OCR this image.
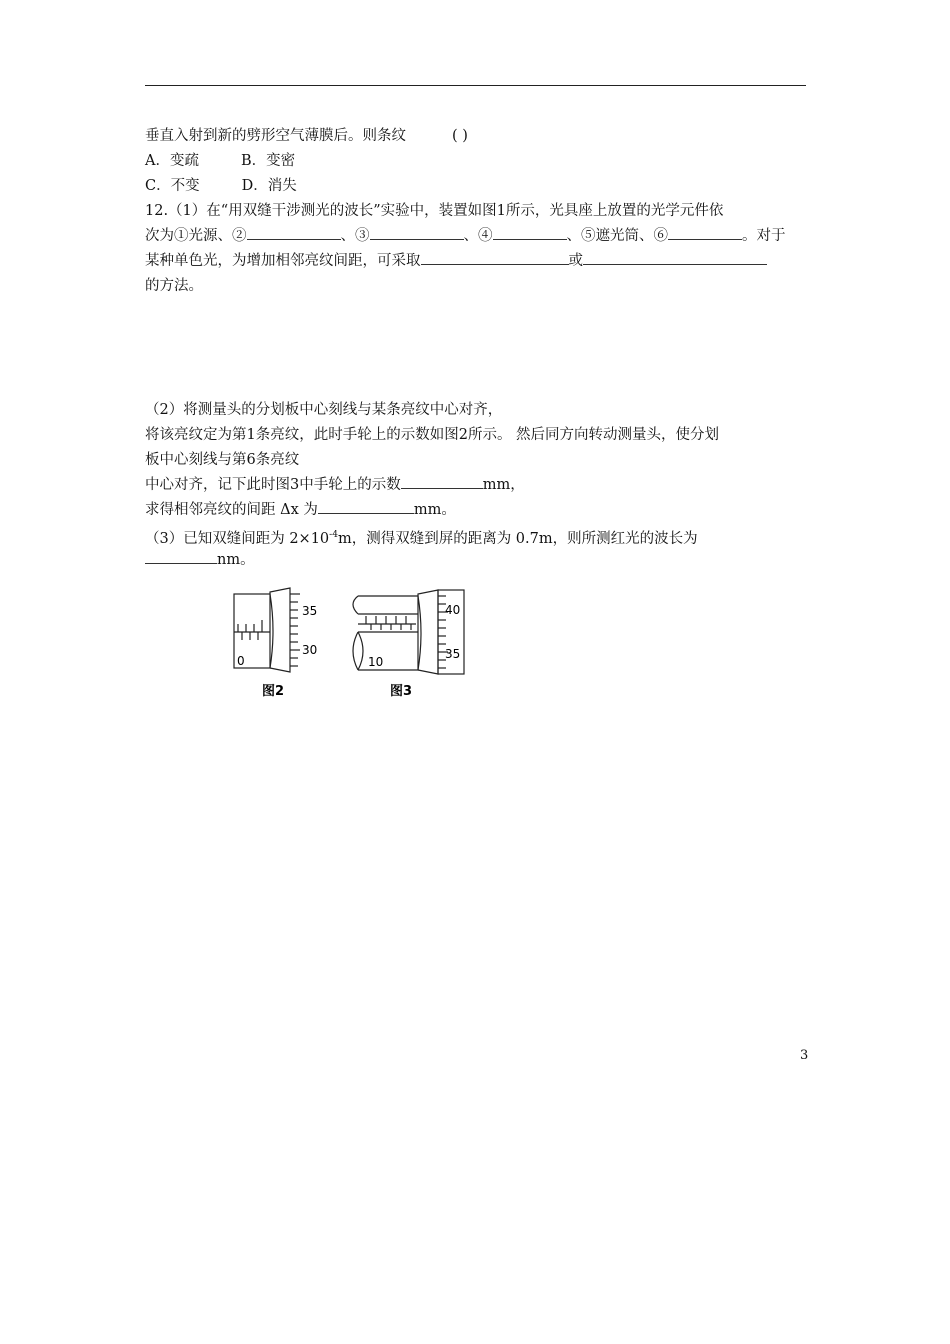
垂直入射到新的劈形空气薄膜后。则条纹	( )
A．变疏	B．变密
C．不变	D．消失
12.（1）在“用双缝干涉测光的波长”实验中，装置如图1所示，光具座上放置的光学元件依
次为①光源、②	、③	、④	、⑤遮光筒、⑥	。对于
某种单色光，为增加相邻亮纹间距，可采取	或
的方法。
（2）将测量头的分划板中心刻线与某条亮纹中心对齐，
将该亮纹定为第1条亮纹，此时手轮上的示数如图2所示。 然后同方向转动测量头，使分划
板中心刻线与第6条亮纹
中心对齐，记下此时图3中手轮上的示数	mm，
求得相邻亮纹的间距 Δx 为	mm。
（3）已知双缝间距为 $2\times 10^{-4}m$，测得双缝到屏的距离为 0.7m，则所测红光的波长为
nm。
35
30
0
图2
40
35
10
图3
3
